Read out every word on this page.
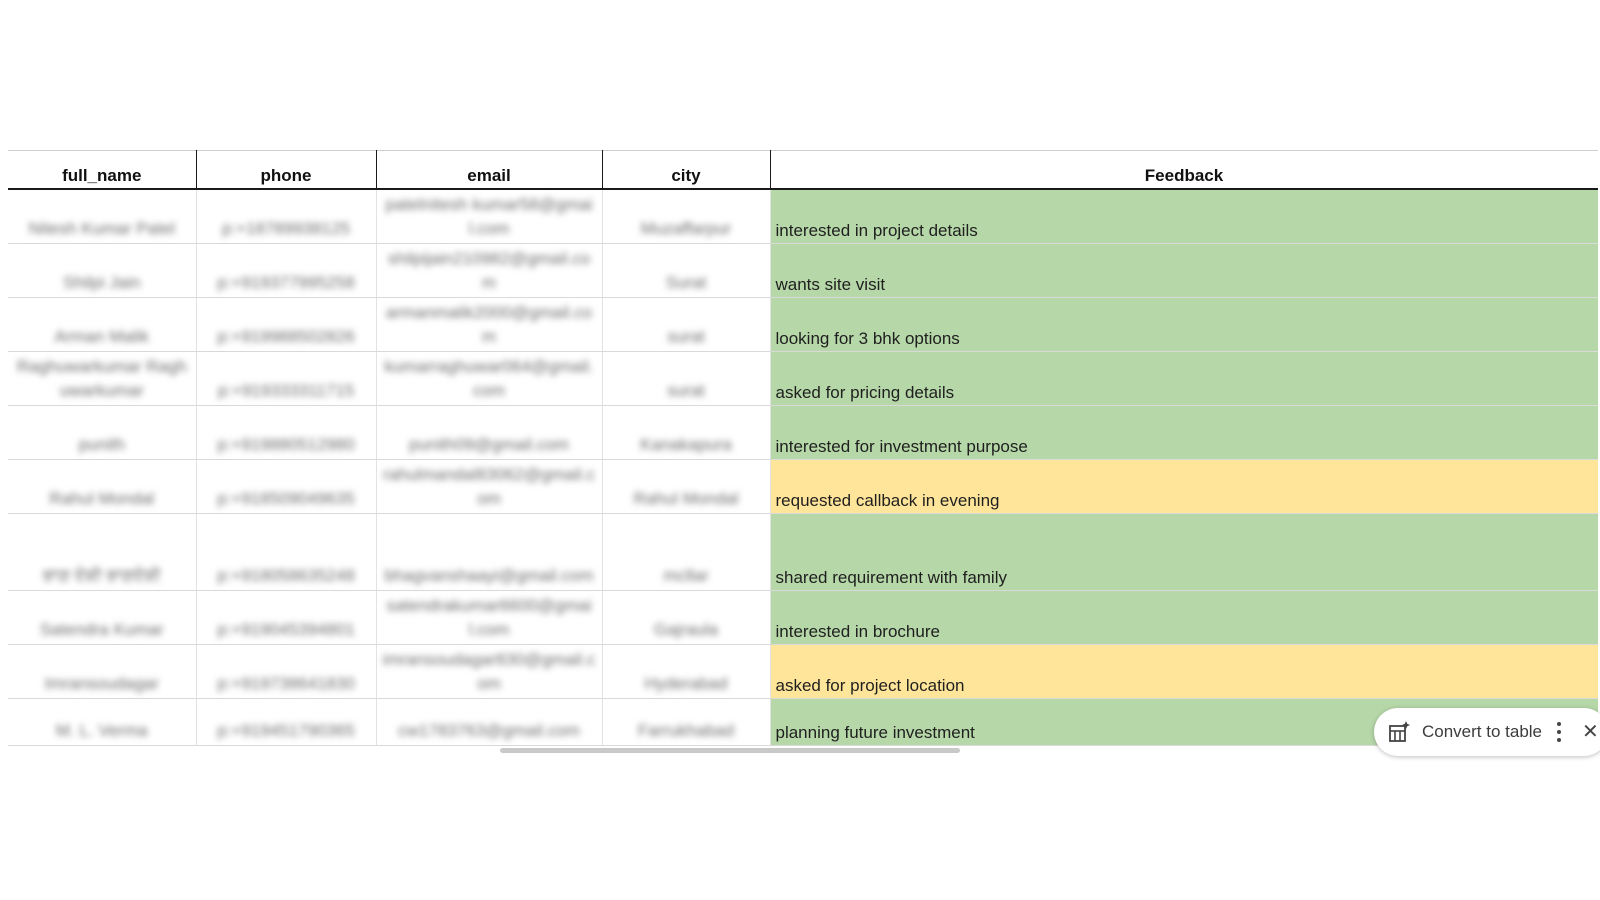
full_name	phone	email	city	Feedback
Nitesh Kumar Patel	p:+18789938125	patelnitesh kumar58@gmail.com	Muzaffarpur	interested in project details
Shilpi Jain	p:+919377995258	shilpijain210982@gmail.com	Surat	wants site visit
Arman Malik	p:+919988502826	armanmalik2000@gmail.com	surat	looking for 3 bhk options
Raghuwarkumar Raghuwarkumar	p:+919333311715	kumarraghuwar064@gmail.com	surat	asked for pricing details
punith	p:+919880512980	punith09@gmail.com	Kanakapura	interested for investment purpose
Rahul Mondal	p:+918509049635	rahulmandal83062@gmail.com	Rahul Mondal	requested callback in evening
ਭਾਗ ਵੰਸ਼ੀ ਭਾਗਵੰਸ਼ੀ	p:+918058635248	bhagvanshaayi@gmail.com	mcllar	shared requirement with family
Satendra Kumar	p:+919045394801	satendrakumar6600@gmail.com	Gajraula	interested in brochure
Imransoudagar	p:+919738641830	imransoudagar830@gmail.com	Hyderabad	asked for project location
M. L. Verma	p:+919451790365	cw1783763@gmail.com	Farrukhabad	planning future investment	Convert to table ✕
